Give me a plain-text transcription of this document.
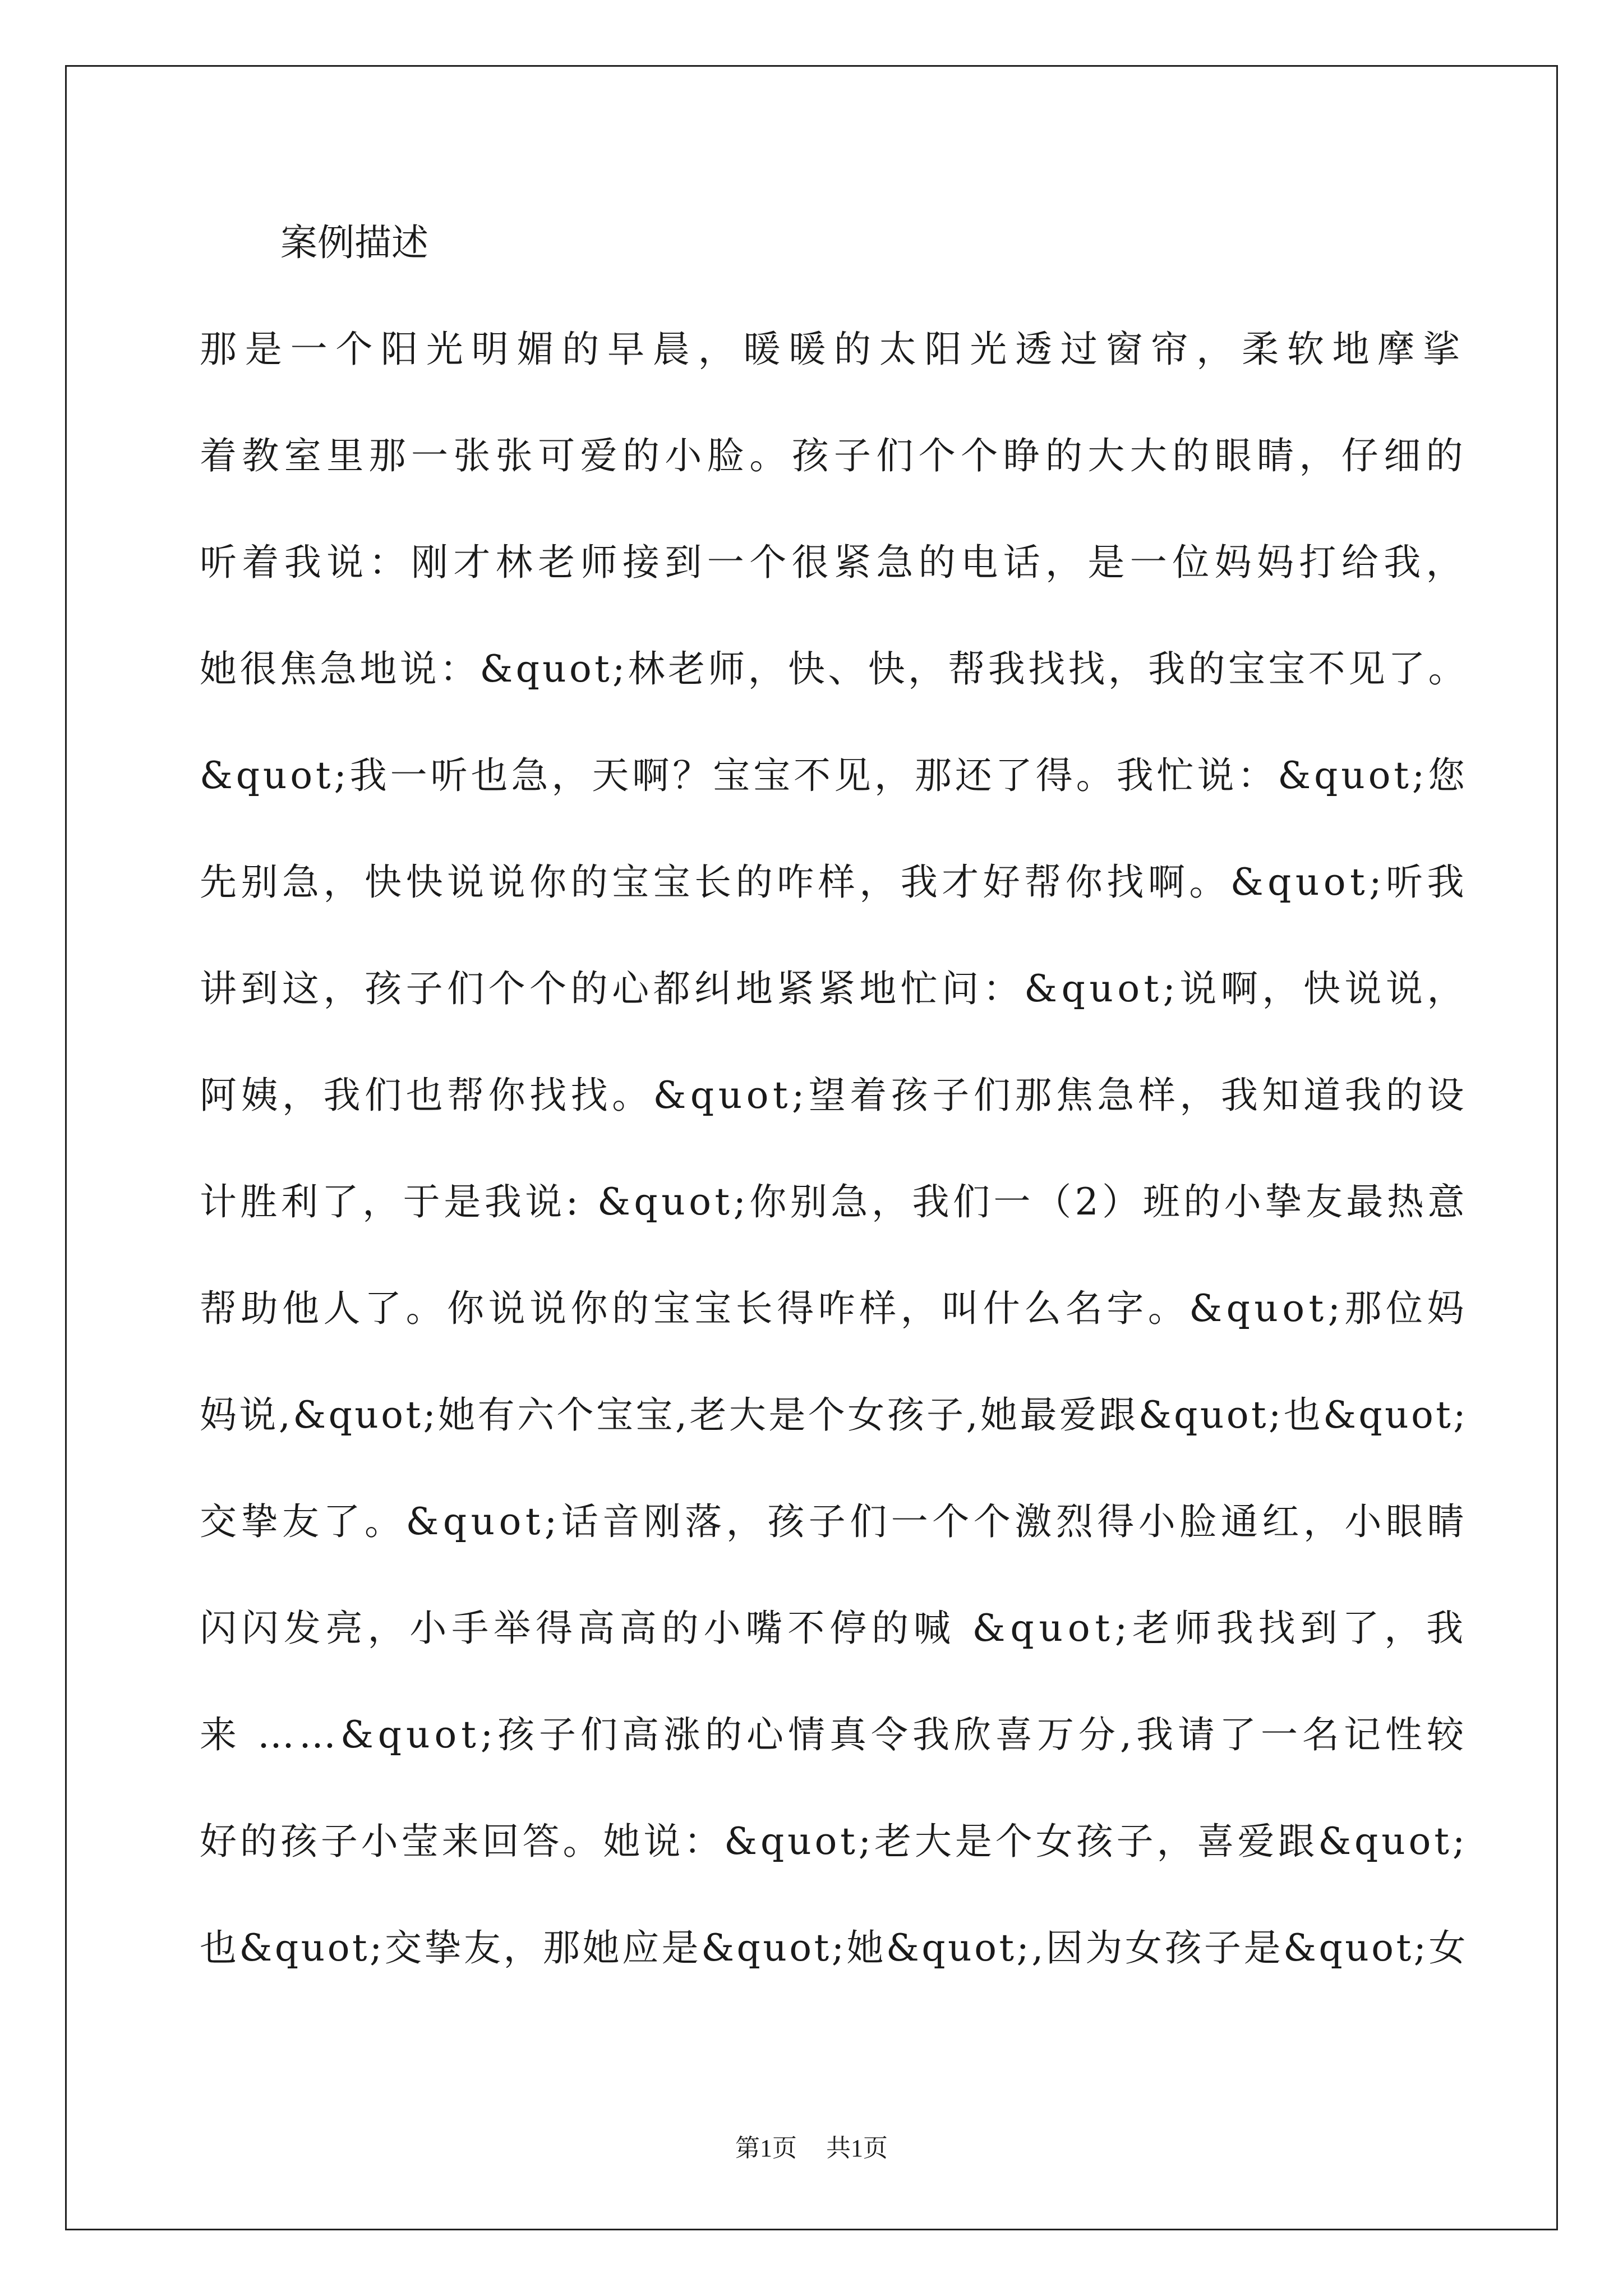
案例描述

那是一个阳光明媚的早晨，暖暖的太阳光透过窗帘，柔软地摩挲

着教室里那一张张可爱的小脸。孩子们个个睁的大大的眼睛，仔细的

听着我说：刚才林老师接到一个很紧急的电话，是一位妈妈打给我，

她很焦急地说：&quot;林老师，快、快，帮我找找，我的宝宝不见了。

&quot;我一听也急，天啊？宝宝不见，那还了得。我忙说：&quot;您

先别急，快快说说你的宝宝长的咋样，我才好帮你找啊。&quot;听我

讲到这，孩子们个个的心都纠地紧紧地忙问：&quot;说啊，快说说，

阿姨，我们也帮你找找。&quot;望着孩子们那焦急样，我知道我的设

计胜利了，于是我说: &quot;你别急，我们一（2）班的小挚友最热意

帮助他人了。你说说你的宝宝长得咋样，叫什么名字。&quot;那位妈

妈说,&quot;她有六个宝宝,老大是个女孩子,她最爱跟&quot;也&quot;

交挚友了。&quot;话音刚落，孩子们一个个激烈得小脸通红，小眼睛

闪闪发亮，小手举得高高的小嘴不停的喊 &quot;老师我找到了，我

来 ……&quot;孩子们高涨的心情真令我欣喜万分,我请了一名记性较

好的孩子小莹来回答。她说：&quot;老大是个女孩子，喜爱跟&quot;

也&quot;交挚友，那她应是&quot;她&quot;,因为女孩子是&quot;女

第1页 共1页
